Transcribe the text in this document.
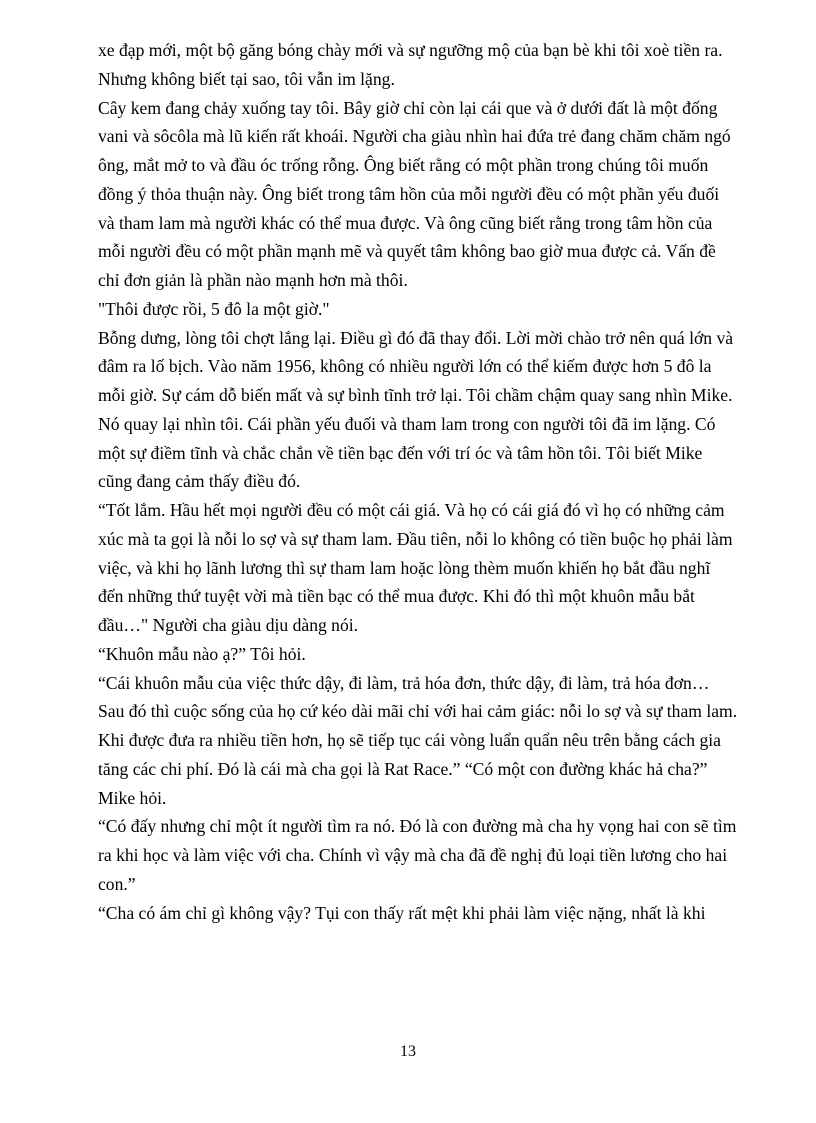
xe đạp mới, một bộ găng bóng chày mới và sự ngưỡng mộ của bạn bè khi tôi xoè tiền ra.
Nhưng không biết tại sao, tôi vẫn im lặng.
Cây kem đang chảy xuống tay tôi. Bây giờ chỉ còn lại cái que và ở dưới đất là một đống
vani và sôcôla mà lũ kiến rất khoái. Người cha giàu nhìn hai đứa trẻ đang chăm chăm ngó
ông, mắt mở to và đầu óc trống rỗng. Ông biết rằng có một phần trong chúng tôi muốn
đồng ý thỏa thuận này. Ông biết trong tâm hồn của mỗi người đều có một phần yếu đuối
và tham lam mà người khác có thể mua được. Và ông cũng biết rằng trong tâm hồn của
mỗi người đều có một phần mạnh mẽ và quyết tâm không bao giờ mua được cả. Vấn đề
chỉ đơn giản là phần nào mạnh hơn mà thôi.
"Thôi được rồi, 5 đô la một giờ."
Bỗng dưng, lòng tôi chợt lắng lại. Điều gì đó đã thay đổi. Lời mời chào trở nên quá lớn và
đâm ra lố bịch. Vào năm 1956, không có nhiều người lớn có thể kiếm được hơn 5 đô la
mỗi giờ. Sự cám dỗ biến mất và sự bình tĩnh trở lại. Tôi chầm chậm quay sang nhìn Mike.
Nó quay lại nhìn tôi. Cái phần yếu đuối và tham lam trong con người tôi đã im lặng. Có
một sự điềm tĩnh và chắc chắn về tiền bạc đến với trí óc và tâm hồn tôi. Tôi biết Mike
cũng đang cảm thấy điều đó.
“Tốt lắm. Hầu hết mọi người đều có một cái giá. Và họ có cái giá đó vì họ có những cảm
xúc mà ta gọi là nỗi lo sợ và sự tham lam. Đầu tiên, nỗi lo không có tiền buộc họ phải làm
việc, và khi họ lãnh lương thì sự tham lam hoặc lòng thèm muốn khiến họ bắt đầu nghĩ
đến những thứ tuyệt vời mà tiền bạc có thể mua được. Khi đó thì một khuôn mẫu bắt
đầu…" Người cha giàu dịu dàng nói.
“Khuôn mẫu nào ạ?” Tôi hỏi.
“Cái khuôn mẫu của việc thức dậy, đi làm, trả hóa đơn, thức dậy, đi làm, trả hóa đơn…
Sau đó thì cuộc sống của họ cứ kéo dài mãi chỉ với hai cảm giác: nỗi lo sợ và sự tham lam.
Khi được đưa ra nhiều tiền hơn, họ sẽ tiếp tục cái vòng luẩn quẩn nêu trên bằng cách gia
tăng các chi phí. Đó là cái mà cha gọi là Rat Race.” “Có một con đường khác hả cha?”
Mike hỏi.
“Có đấy nhưng chỉ một ít người tìm ra nó. Đó là con đường mà cha hy vọng hai con sẽ tìm
ra khi học và làm việc với cha. Chính vì vậy mà cha đã đề nghị đủ loại tiền lương cho hai
con.”
“Cha có ám chỉ gì không vậy? Tụi con thấy rất mệt khi phải làm việc nặng, nhất là khi
13
